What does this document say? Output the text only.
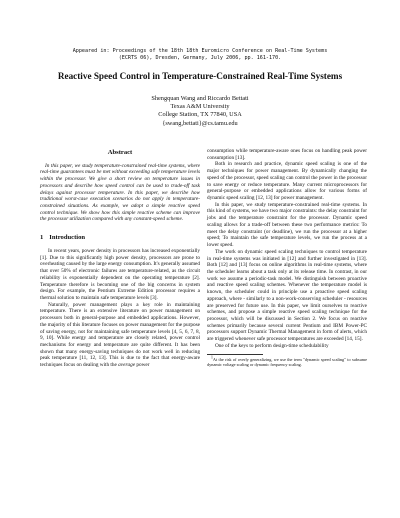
Appeared in: Proceedings of the 18th 18th Euromicro Conference on Real-Time Systems
(ECRTS 06), Dresden, Germany, July 2006, pp. 161-170.
Reactive Speed Control in Temperature-Constrained Real-Time Systems
Shengquan Wang and Riccardo Bettati
Texas A&M University
College Station, TX 77840, USA
{swang,bettati}@cs.tamu.edu
Abstract

In this paper, we study temperature-constrained real-time systems, where real-time guarantees must be met without exceeding safe temperature levels within the processor. We give a short review on temperature issues in processors and describe how speed control can be used to trade-off task delays against processor temperature. In this paper, we describe how traditional worst-case execution scenarios do not apply in temperature-constrained situations. As example, we adopt a simple reactive speed control technique. We show how this simple reactive scheme can improve the processor utilization compared with any constant-speed scheme.

1 Introduction

In recent years, power density in processors has increased exponentially [1]. Due to this significantly high power density, processors are prone to overheating caused by the large energy consumption. It's generally assumed that over 50% of electronic failures are temperature-related, as the circuit reliability is exponentially dependent on the operating temperature [2]. Temperature therefore is becoming one of the big concerns in system design. For example, the Pentium Extreme Edition processor requires a thermal solution to maintain safe temperature levels [3].

Naturally, power management plays a key role in maintaining temperature. There is an extensive literature on power management on processors both in general-purpose and embedded applications. However, the majority of this literature focuses on power management for the purpose of saving energy, not for maintaining safe temperature levels [4, 5, 6, 7, 8, 9, 10]. While energy and temperature are closely related, power control mechanisms for energy and temperature are quite different. It has been shown that many energy-saving techniques do not work well in reducing peak temperature [11, 12, 13]. This is due to the fact that energy-aware techniques focus on dealing with the average power

consumption while temperature-aware ones focus on handling peak power consumption [13].

Both in research and practice, dynamic speed scaling is one of the major techniques for power management. By dynamically changing the speed of the processor, speed scaling can control the power in the processor to save energy or reduce temperature. Many current microprocessors for general-purpose or embedded applications allow for various forms of dynamic speed scaling [12, 13] for power management.

In this paper, we study temperature-constrained real-time systems. In this kind of systems, we have two major constraints: the delay constraint for jobs and the temperature constraint for the processor. Dynamic speed scaling allows for a trade-off between these two performance metrics: To meet the delay constraint (or deadline), we run the processor at a higher speed; To maintain the safe temperature levels, we run the process at a lower speed.

The work on dynamic speed scaling techniques to control temperature in real-time systems was initiated in [12] and further investigated in [13]. Both [12] and [13] focus on online algorithms in real-time systems, where the scheduler learns about a task only at its release time. In contrast, in our work we assume a periodic-task model. We distinguish between proactive and reactive speed scaling schemes. Whenever the temperature model is known, the scheduler could in principle use a proactive speed scaling approach, where - similarly to a non-work-conserving scheduler - resources are preserved for future use. In this paper, we limit ourselves to reactive schemes, and propose a simple reactive speed scaling technique for the processor, which will be discussed in Section 2. We focus on reactive schemes primarily because several current Pentium and IBM Power-PC processors support Dynamic Thermal Management in form of alerts, which are triggered whenever safe processor temperatures are exceeded [14, 15].

One of the keys to perform design-time schedulability

$^1$At the risk of overly generalizing, we use the term "dynamic speed scaling" to subsume dynamic voltage scaling or dynamic frequency scaling.
